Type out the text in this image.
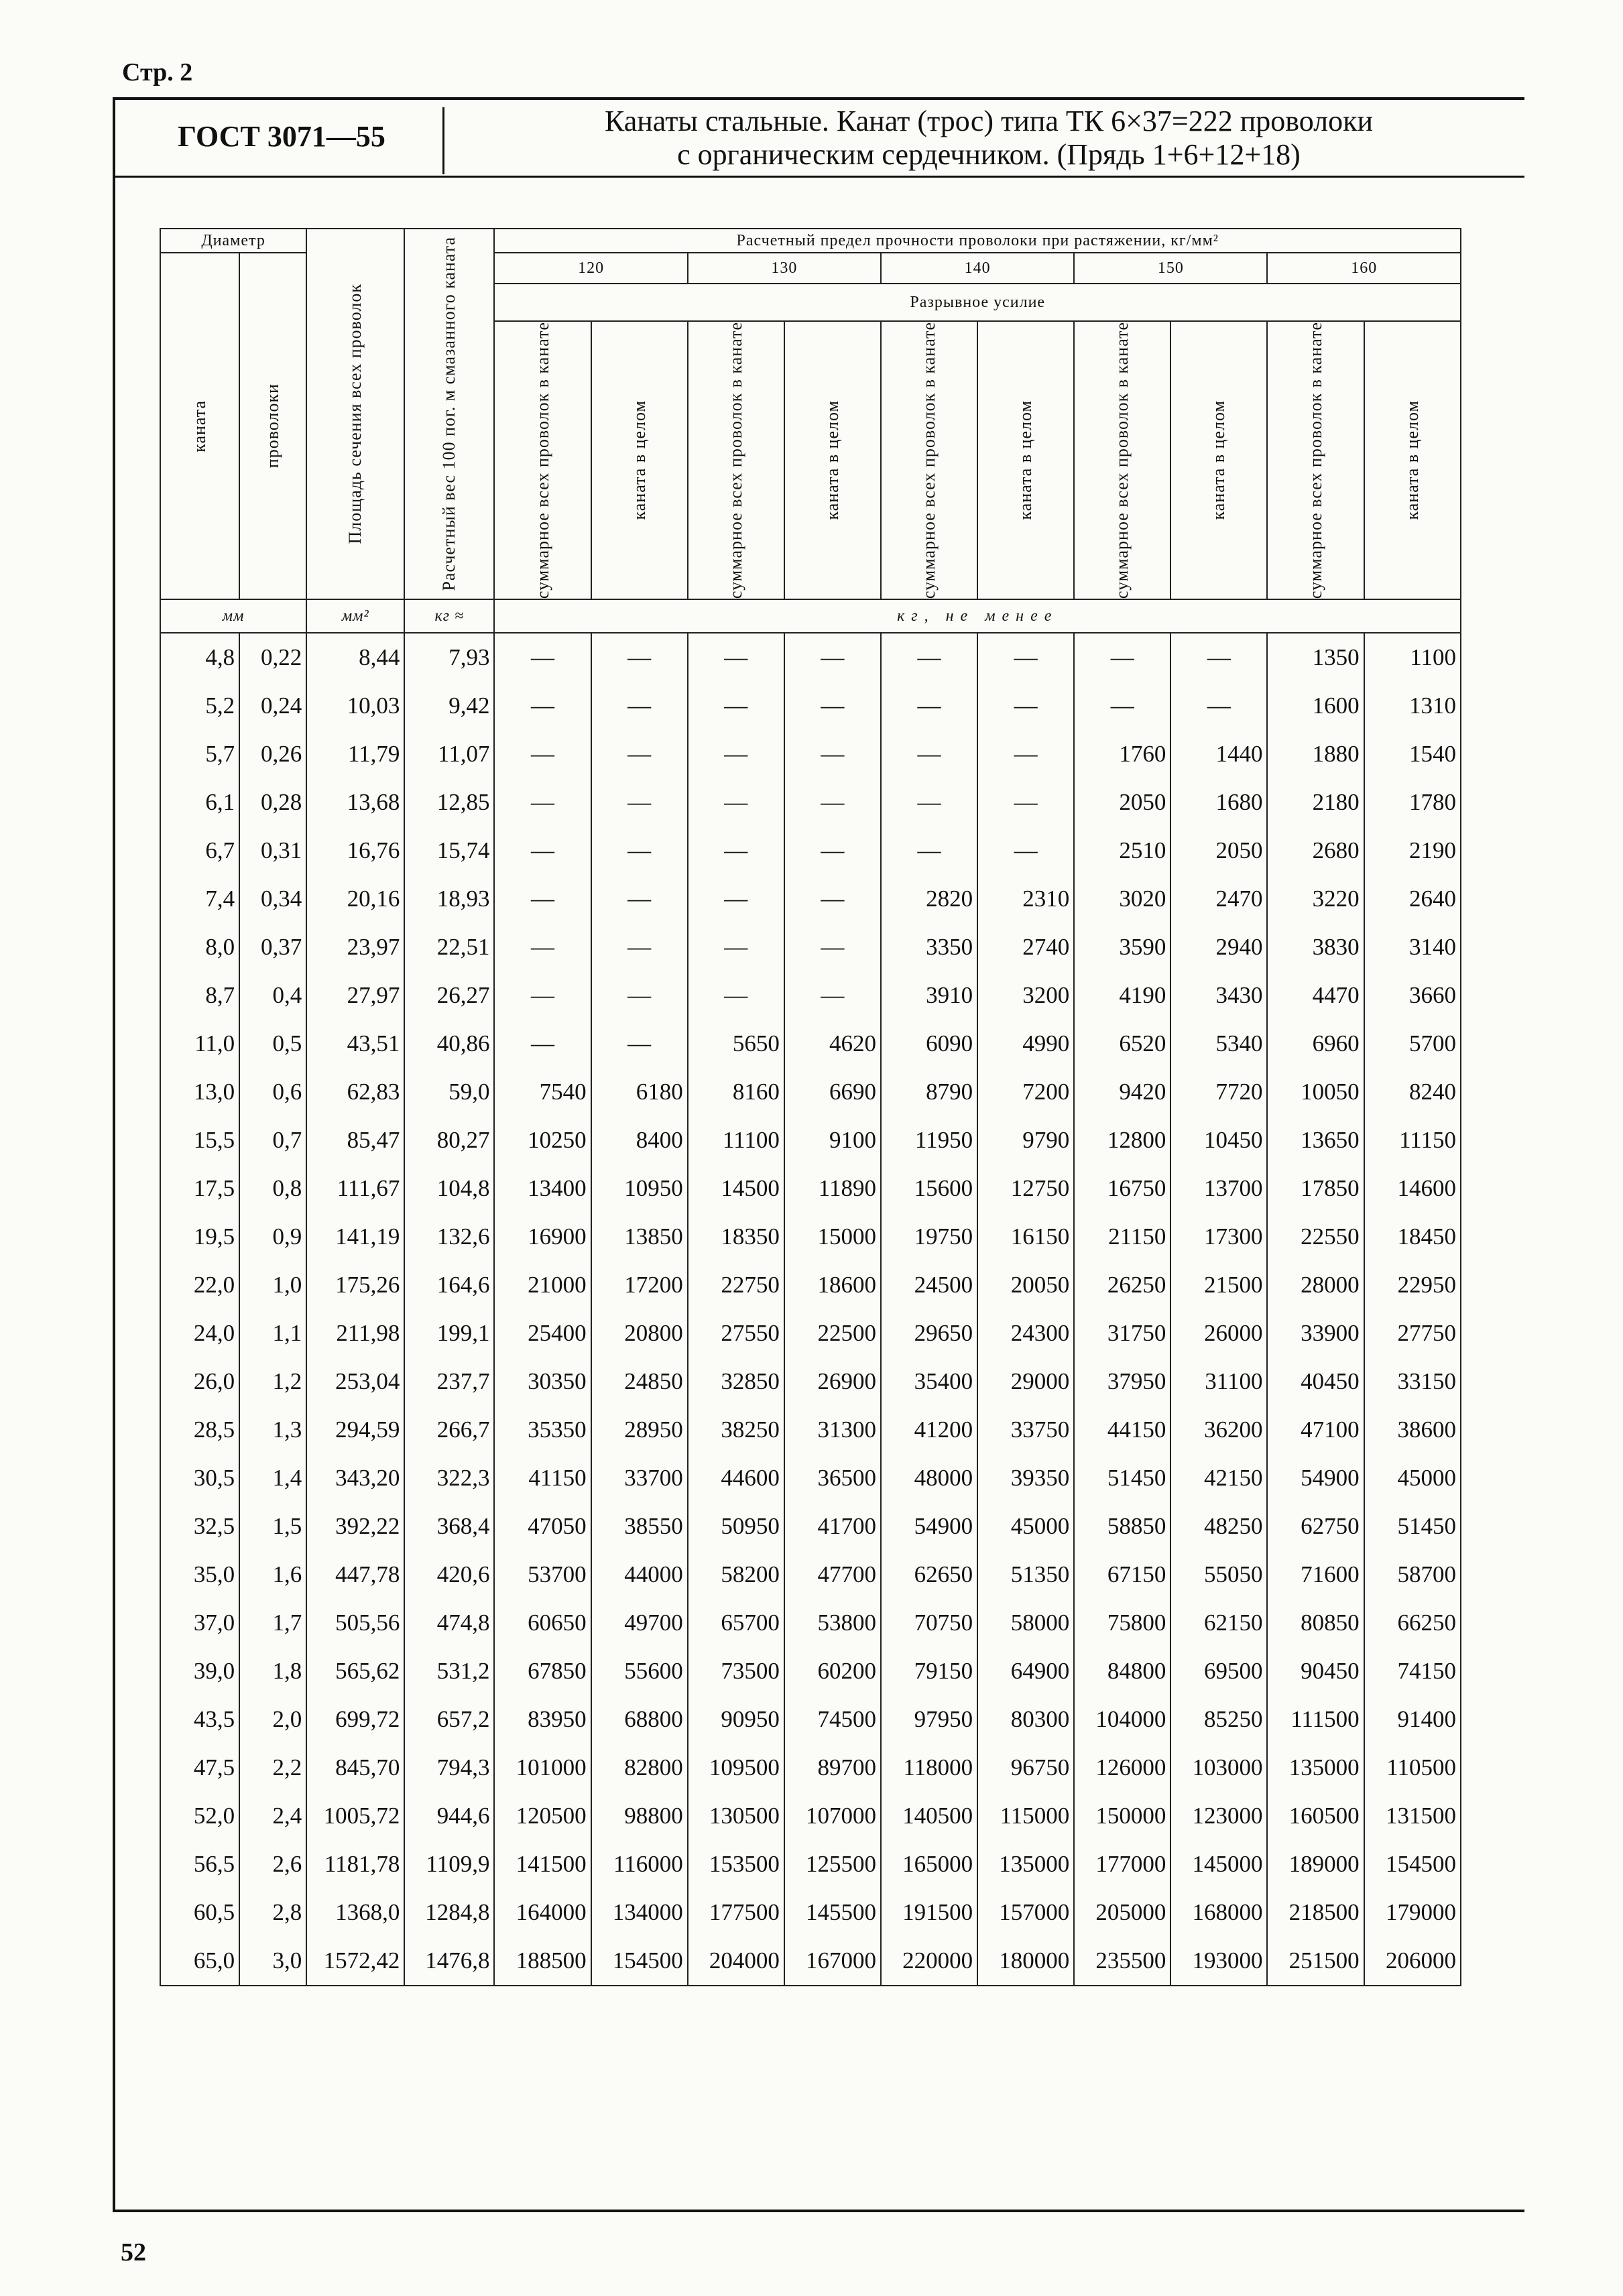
Стр. 2
ГОСТ 3071—55	Канаты стальные. Канат (трос) типа ТК 6×37=222 проволоки
с органическим сердечником. (Прядь 1+6+12+18)
Диаметр		Площадь сечения всех проволок	Расчетный вес 100 пог. м смазанного каната	Расчетный предел прочности проволоки при растяжении, кг/мм²									

каната	проволоки			120		130		140		150		160	
				Разрывное усилие									

				суммарное всех проволок в канате	каната в целом	суммарное всех проволок в канате	каната в целом	суммарное всех проволок в канате	каната в целом	суммарное всех проволок в канате	каната в целом	суммарное всех проволок в канате	каната в целом

мм		мм²	кг ≈	кг, не менее									
4,8	0,22	8,44	7,93	—	—	—	—	—	—	—	—	1350	1100
5,2	0,24	10,03	9,42	—	—	—	—	—	—	—	—	1600	1310
5,7	0,26	11,79	11,07	—	—	—	—	—	—	1760	1440	1880	1540
6,1	0,28	13,68	12,85	—	—	—	—	—	—	2050	1680	2180	1780
6,7	0,31	16,76	15,74	—	—	—	—	—	—	2510	2050	2680	2190
7,4	0,34	20,16	18,93	—	—	—	—	2820	2310	3020	2470	3220	2640
8,0	0,37	23,97	22,51	—	—	—	—	3350	2740	3590	2940	3830	3140
8,7	0,4	27,97	26,27	—	—	—	—	3910	3200	4190	3430	4470	3660
11,0	0,5	43,51	40,86	—	—	5650	4620	6090	4990	6520	5340	6960	5700
13,0	0,6	62,83	59,0	7540	6180	8160	6690	8790	7200	9420	7720	10050	8240
15,5	0,7	85,47	80,27	10250	8400	11100	9100	11950	9790	12800	10450	13650	11150
17,5	0,8	111,67	104,8	13400	10950	14500	11890	15600	12750	16750	13700	17850	14600
19,5	0,9	141,19	132,6	16900	13850	18350	15000	19750	16150	21150	17300	22550	18450
22,0	1,0	175,26	164,6	21000	17200	22750	18600	24500	20050	26250	21500	28000	22950
24,0	1,1	211,98	199,1	25400	20800	27550	22500	29650	24300	31750	26000	33900	27750
26,0	1,2	253,04	237,7	30350	24850	32850	26900	35400	29000	37950	31100	40450	33150
28,5	1,3	294,59	266,7	35350	28950	38250	31300	41200	33750	44150	36200	47100	38600
30,5	1,4	343,20	322,3	41150	33700	44600	36500	48000	39350	51450	42150	54900	45000
32,5	1,5	392,22	368,4	47050	38550	50950	41700	54900	45000	58850	48250	62750	51450
35,0	1,6	447,78	420,6	53700	44000	58200	47700	62650	51350	67150	55050	71600	58700
37,0	1,7	505,56	474,8	60650	49700	65700	53800	70750	58000	75800	62150	80850	66250
39,0	1,8	565,62	531,2	67850	55600	73500	60200	79150	64900	84800	69500	90450	74150
43,5	2,0	699,72	657,2	83950	68800	90950	74500	97950	80300	104000	85250	111500	91400
47,5	2,2	845,70	794,3	101000	82800	109500	89700	118000	96750	126000	103000	135000	110500
52,0	2,4	1005,72	944,6	120500	98800	130500	107000	140500	115000	150000	123000	160500	131500
56,5	2,6	1181,78	1109,9	141500	116000	153500	125500	165000	135000	177000	145000	189000	154500
60,5	2,8	1368,0	1284,8	164000	134000	177500	145500	191500	157000	205000	168000	218500	179000
65,0	3,0	1572,42	1476,8	188500	154500	204000	167000	220000	180000	235500	193000	251500	206000
52
